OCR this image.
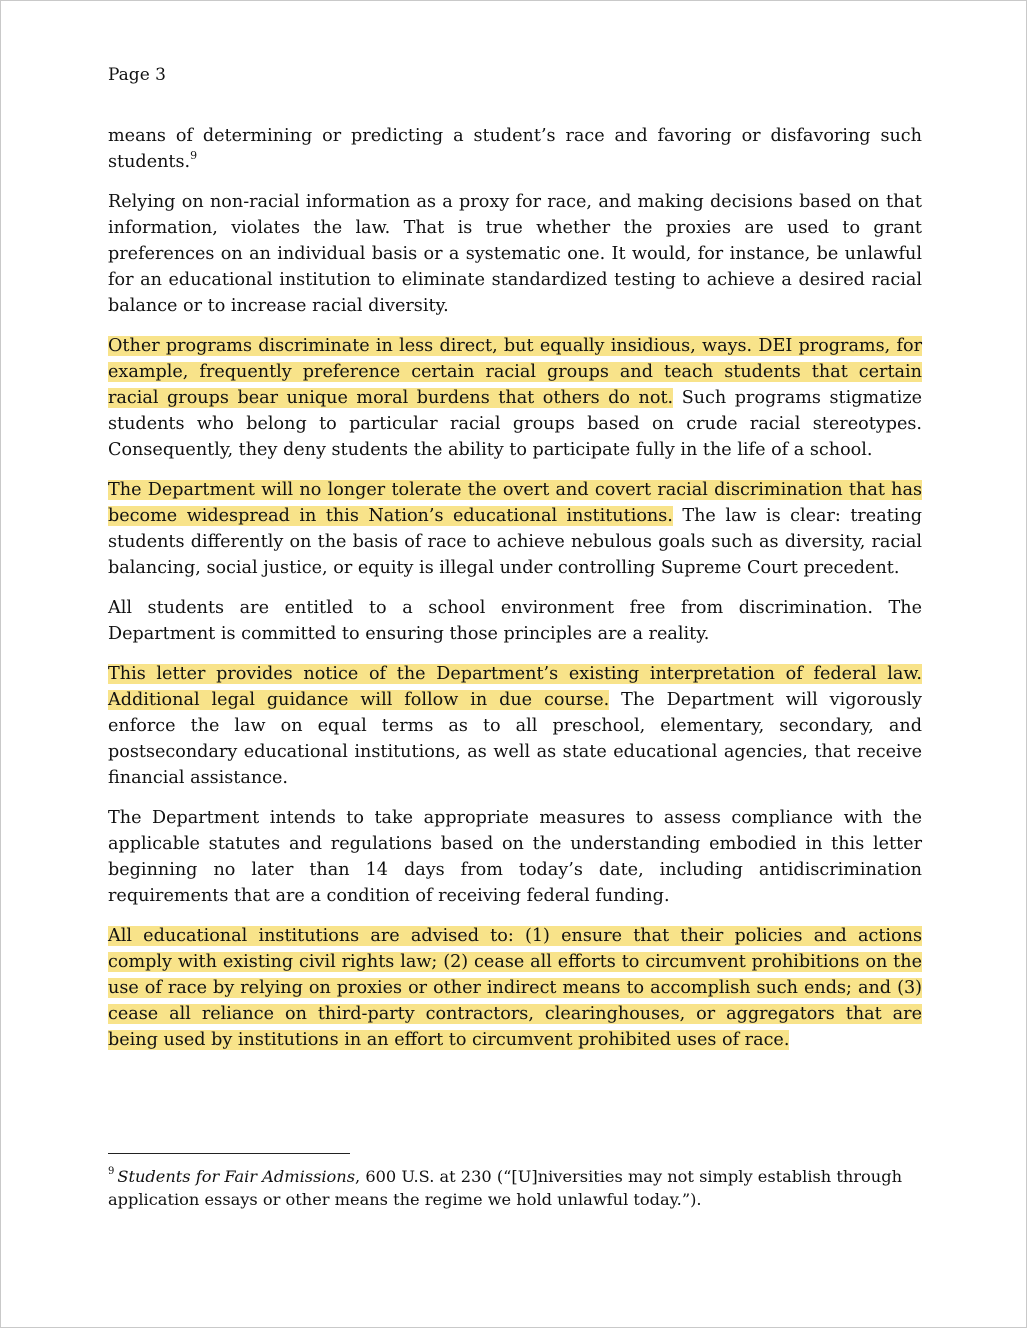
Page 3

means of determining or predicting a student’s race and favoring or disfavoring such students.$^9$

Relying on non-racial information as a proxy for race, and making decisions based on that information, violates the law. That is true whether the proxies are used to grant preferences on an individual basis or a systematic one. It would, for instance, be unlawful for an educational institution to eliminate standardized testing to achieve a desired racial balance or to increase racial diversity.

Other programs discriminate in less direct, but equally insidious, ways. DEI programs, for example, frequently preference certain racial groups and teach students that certain racial groups bear unique moral burdens that others do not. Such programs stigmatize students who belong to particular racial groups based on crude racial stereotypes. Consequently, they deny students the ability to participate fully in the life of a school.

The Department will no longer tolerate the overt and covert racial discrimination that has become widespread in this Nation’s educational institutions. The law is clear: treating students differently on the basis of race to achieve nebulous goals such as diversity, racial balancing, social justice, or equity is illegal under controlling Supreme Court precedent.

All students are entitled to a school environment free from discrimination. The Department is committed to ensuring those principles are a reality.

This letter provides notice of the Department’s existing interpretation of federal law. Additional legal guidance will follow in due course. The Department will vigorously enforce the law on equal terms as to all preschool, elementary, secondary, and postsecondary educational institutions, as well as state educational agencies, that receive financial assistance.

The Department intends to take appropriate measures to assess compliance with the applicable statutes and regulations based on the understanding embodied in this letter beginning no later than 14 days from today’s date, including antidiscrimination requirements that are a condition of receiving federal funding.

All educational institutions are advised to: (1) ensure that their policies and actions comply with existing civil rights law; (2) cease all efforts to circumvent prohibitions on the use of race by relying on proxies or other indirect means to accomplish such ends; and (3) cease all reliance on third-party contractors, clearinghouses, or aggregators that are being used by institutions in an effort to circumvent prohibited uses of race.

$^9$ Students for Fair Admissions, 600 U.S. at 230 (“[U]niversities may not simply establish through application essays or other means the regime we hold unlawful today.”).
